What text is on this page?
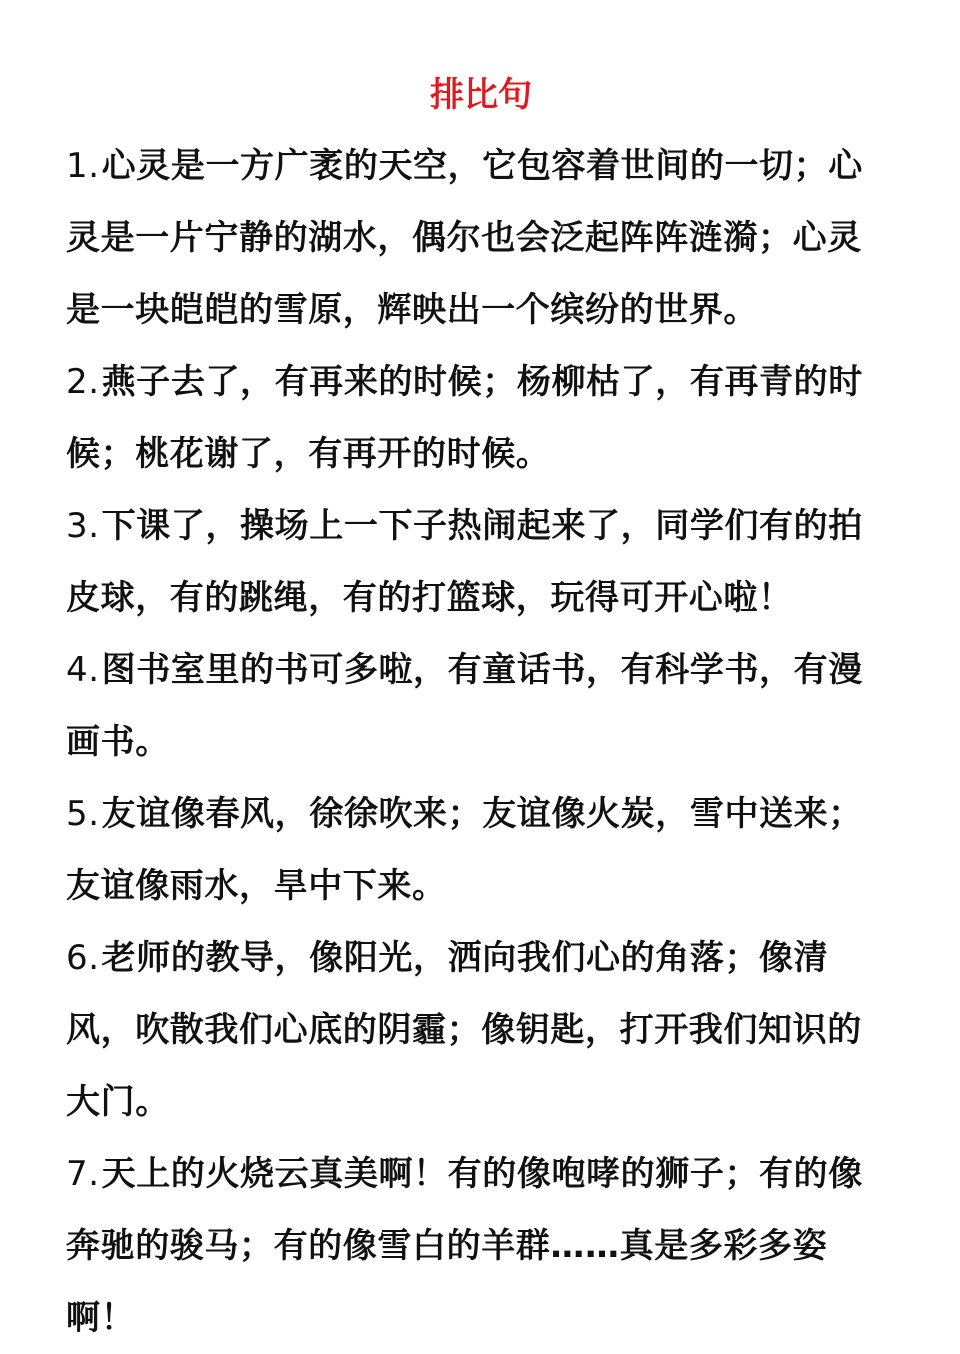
排比句

1.心灵是一方广袤的天空，它包容着世间的一切；心灵是一片宁静的湖水，偶尔也会泛起阵阵涟漪；心灵是一块皑皑的雪原，辉映出一个缤纷的世界。

2.燕子去了，有再来的时候；杨柳枯了，有再青的时候；桃花谢了，有再开的时候。

3.下课了，操场上一下子热闹起来了，同学们有的拍皮球，有的跳绳，有的打篮球，玩得可开心啦！

4.图书室里的书可多啦，有童话书，有科学书，有漫画书。

5.友谊像春风，徐徐吹来；友谊像火炭，雪中送来；友谊像雨水，旱中下来。

6.老师的教导，像阳光，洒向我们心的角落；像清风，吹散我们心底的阴霾；像钥匙，打开我们知识的大门。

7.天上的火烧云真美啊！有的像咆哮的狮子；有的像奔驰的骏马；有的像雪白的羊群……真是多彩多姿啊！
